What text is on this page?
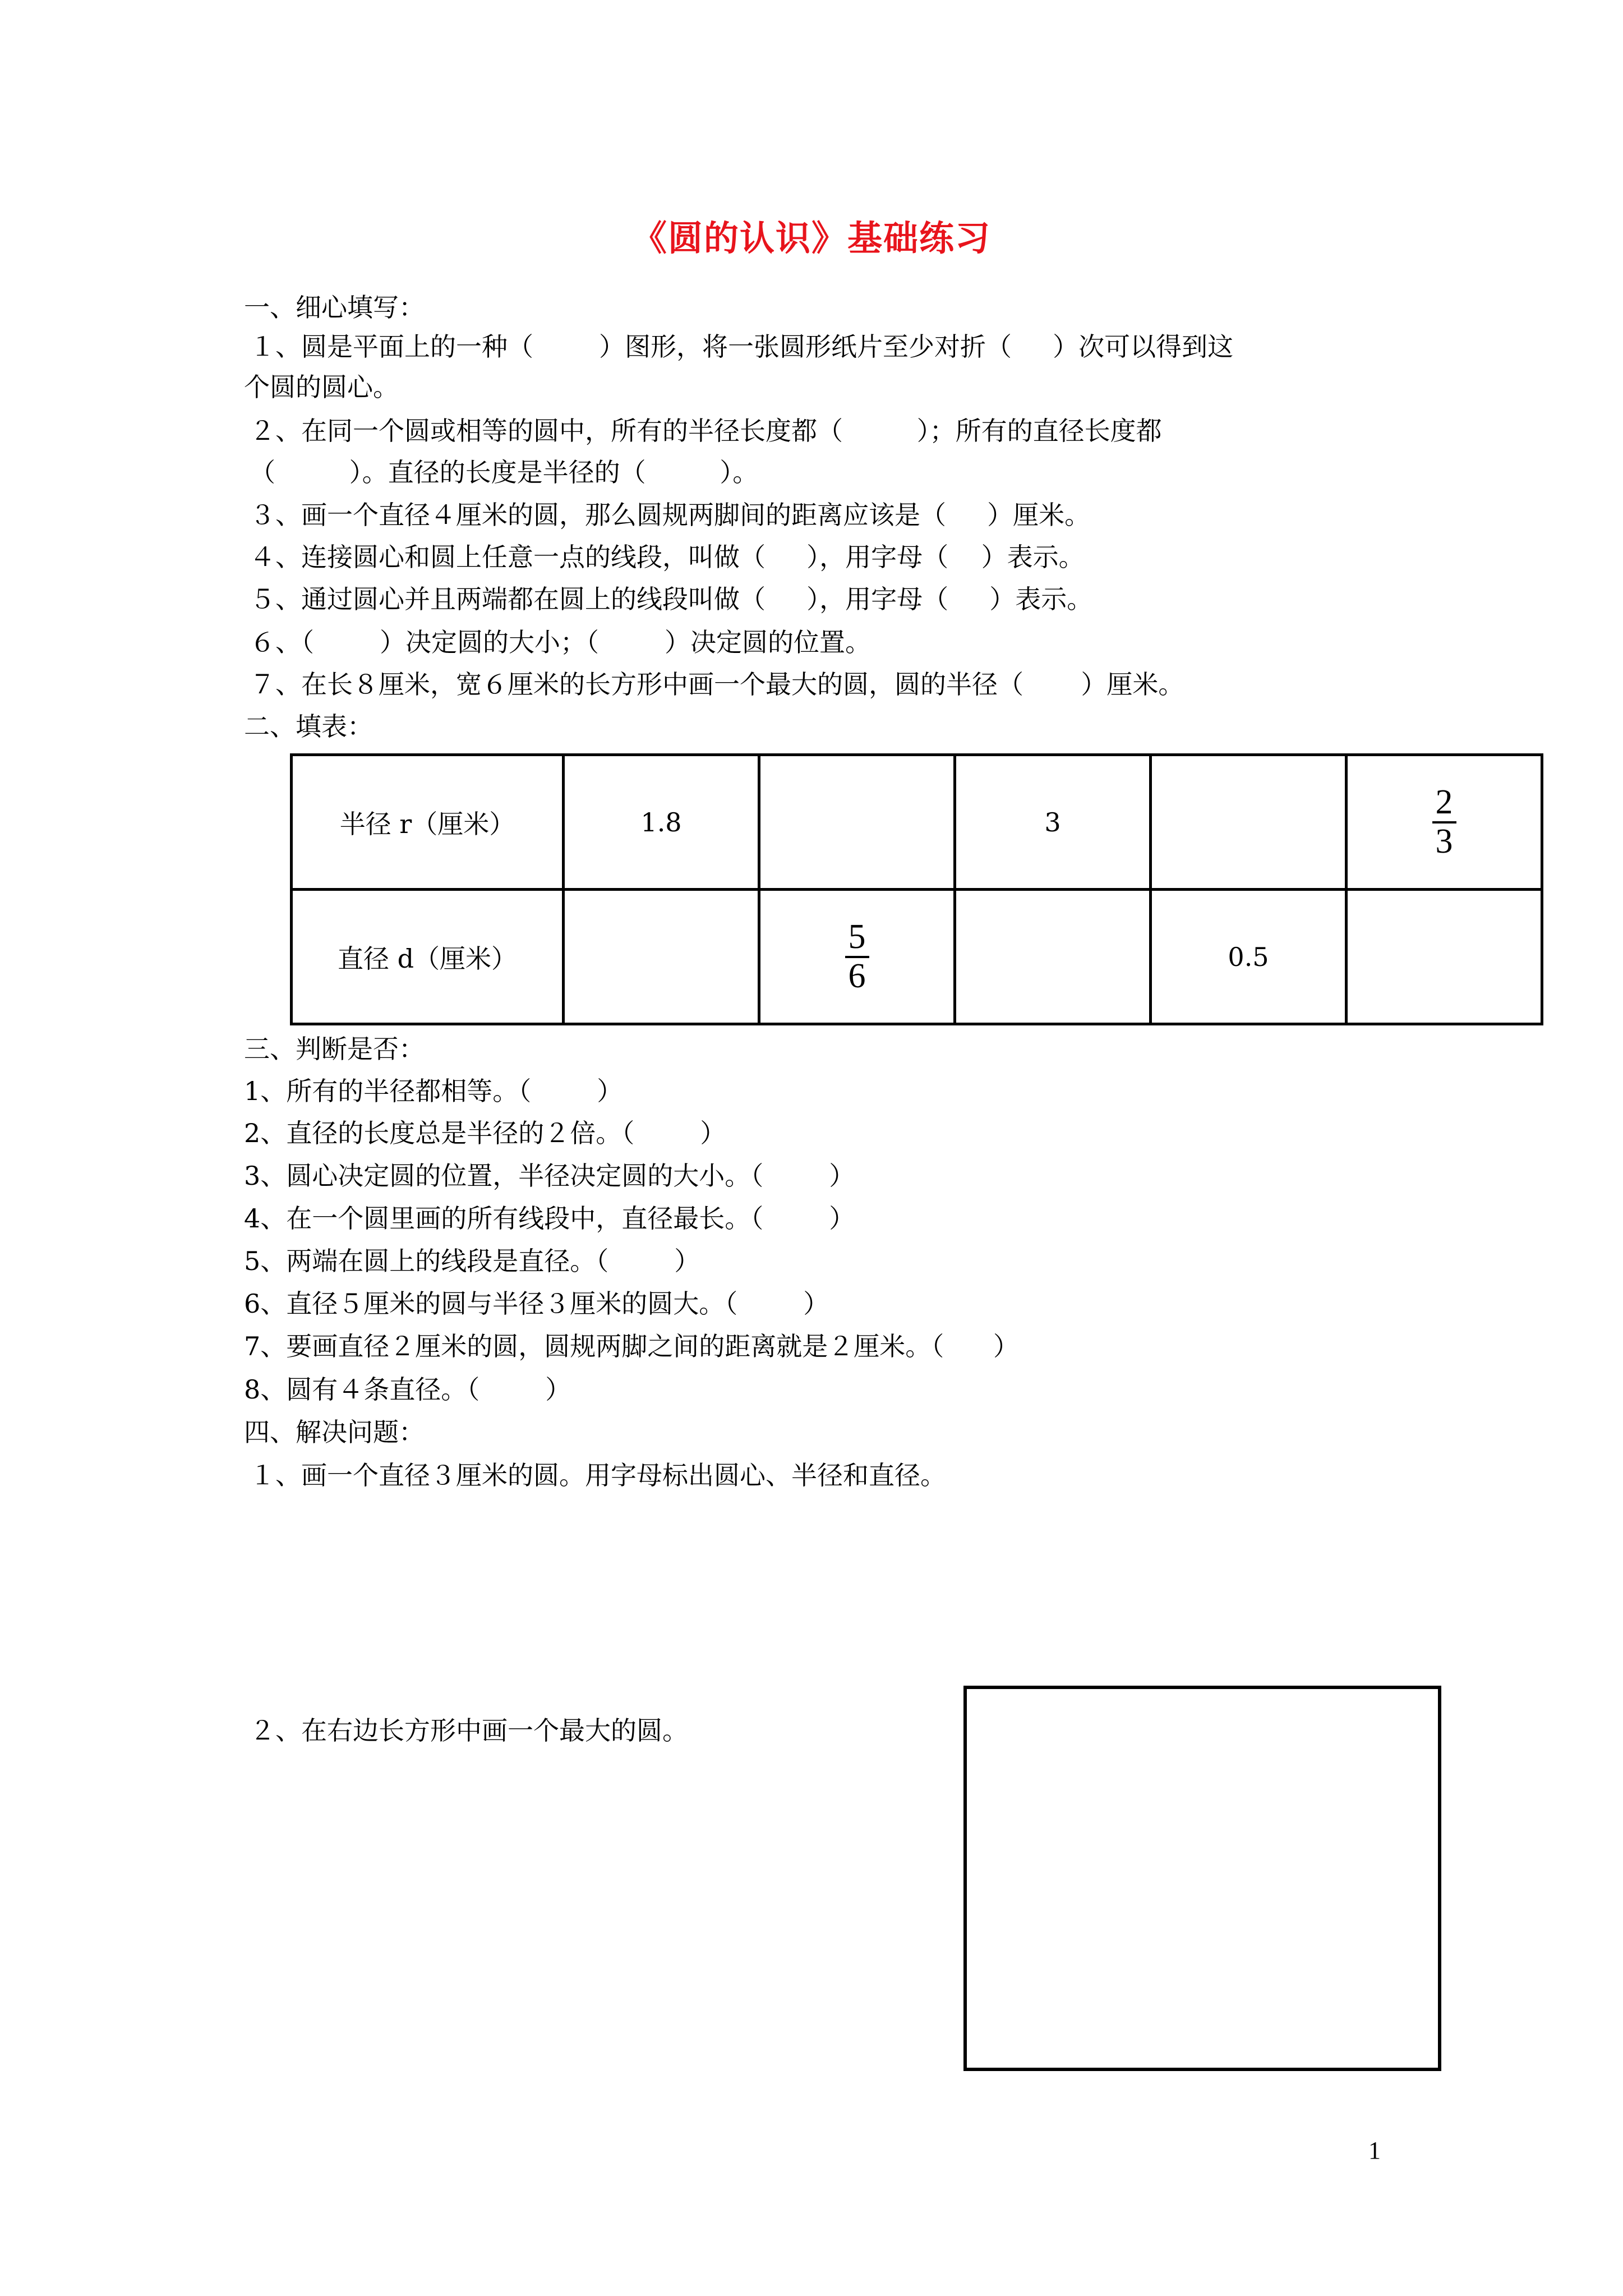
《圆的认识》基础练习
一、细心填写：
１、圆是平面上的一种（        ）图形，将一张圆形纸片至少对折（     ）次可以得到这
个圆的圆心。
２、在同一个圆或相等的圆中，所有的半径长度都（         ）；所有的直径长度都
（         ）。直径的长度是半径的（         ）。
３、画一个直径４厘米的圆，那么圆规两脚间的距离应该是（     ）厘米。
４、连接圆心和圆上任意一点的线段，叫做（     ），用字母（    ）表示。
５、通过圆心并且两端都在圆上的线段叫做（     ），用字母（     ）表示。
６、（        ）决定圆的大小；（        ）决定圆的位置。
７、在长８厘米，宽６厘米的长方形中画一个最大的圆，圆的半径（       ）厘米。
二、填表：
半径 r（厘米）	1.8		3		$\frac{2}{3}$

直径 d（厘米）		$\frac{5}{6}$		0.5	
三、判断是否：
1、所有的半径都相等。（        ）
2、直径的长度总是半径的２倍。（        ）
3、圆心决定圆的位置，半径决定圆的大小。（        ）
4、在一个圆里画的所有线段中，直径最长。（        ）
5、两端在圆上的线段是直径。（        ）
6、直径５厘米的圆与半径３厘米的圆大。（        ）
7、要画直径２厘米的圆，圆规两脚之间的距离就是２厘米。（      ）
8、圆有４条直径。（        ）
四、解决问题：
１、画一个直径３厘米的圆。用字母标出圆心、半径和直径。
２、在右边长方形中画一个最大的圆。
1
